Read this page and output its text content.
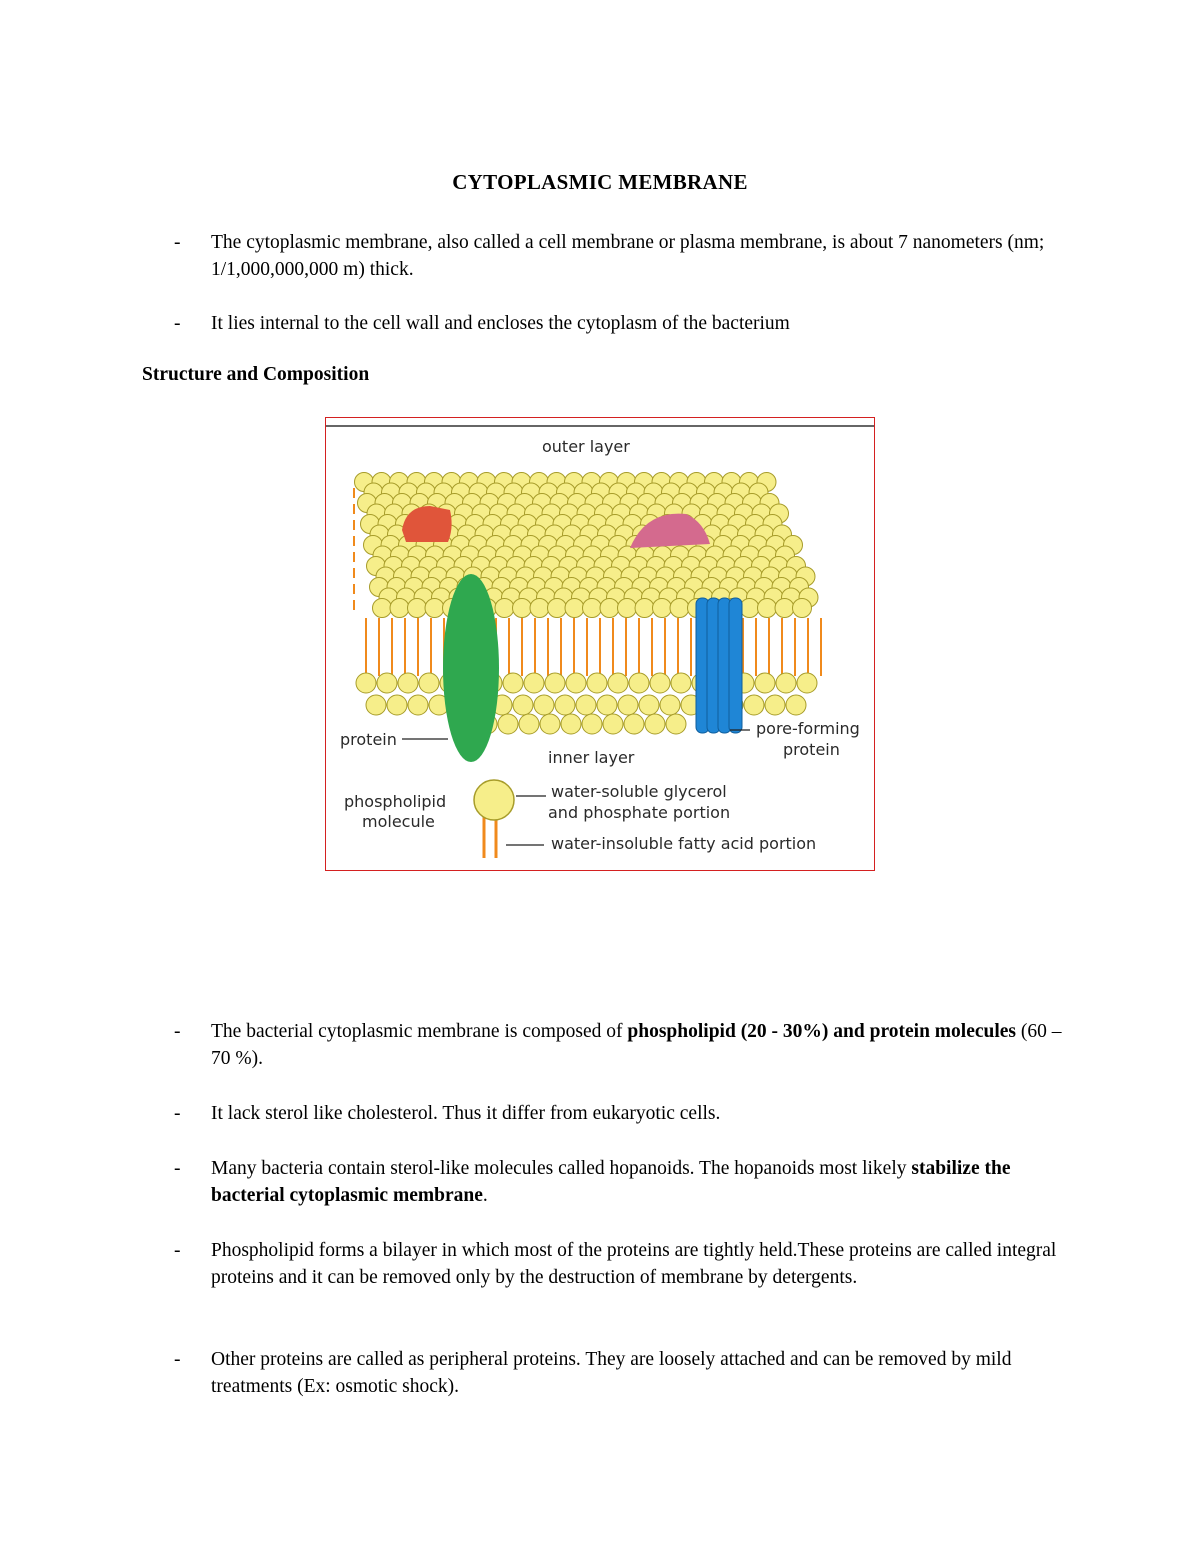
CYTOPLASMIC MEMBRANE
-	The cytoplasmic membrane, also called a cell membrane or plasma membrane, is about 7 nanometers (nm; 1/1,000,000,000 m) thick.
-	It lies internal to the cell wall and encloses the cytoplasm of the bacterium
Structure and Composition
outer layer
protein
inner layer
pore-forming
protein
phospholipid
molecule
water-soluble glycerol
and phosphate portion
water-insoluble fatty acid portion
-	The bacterial cytoplasmic membrane is composed of phospholipid (20 - 30%) and protein molecules (60 – 70 %).
-	It lack sterol like cholesterol. Thus it differ from eukaryotic cells.
-	Many bacteria contain sterol-like molecules called hopanoids. The hopanoids most likely stabilize the bacterial cytoplasmic membrane.
-	Phospholipid forms a bilayer in which most of the proteins are tightly held.These proteins are called integral proteins and it can be removed only by the destruction of membrane by detergents.
-	Other proteins are called as peripheral proteins. They are loosely attached and can be removed by mild treatments (Ex: osmotic shock).
